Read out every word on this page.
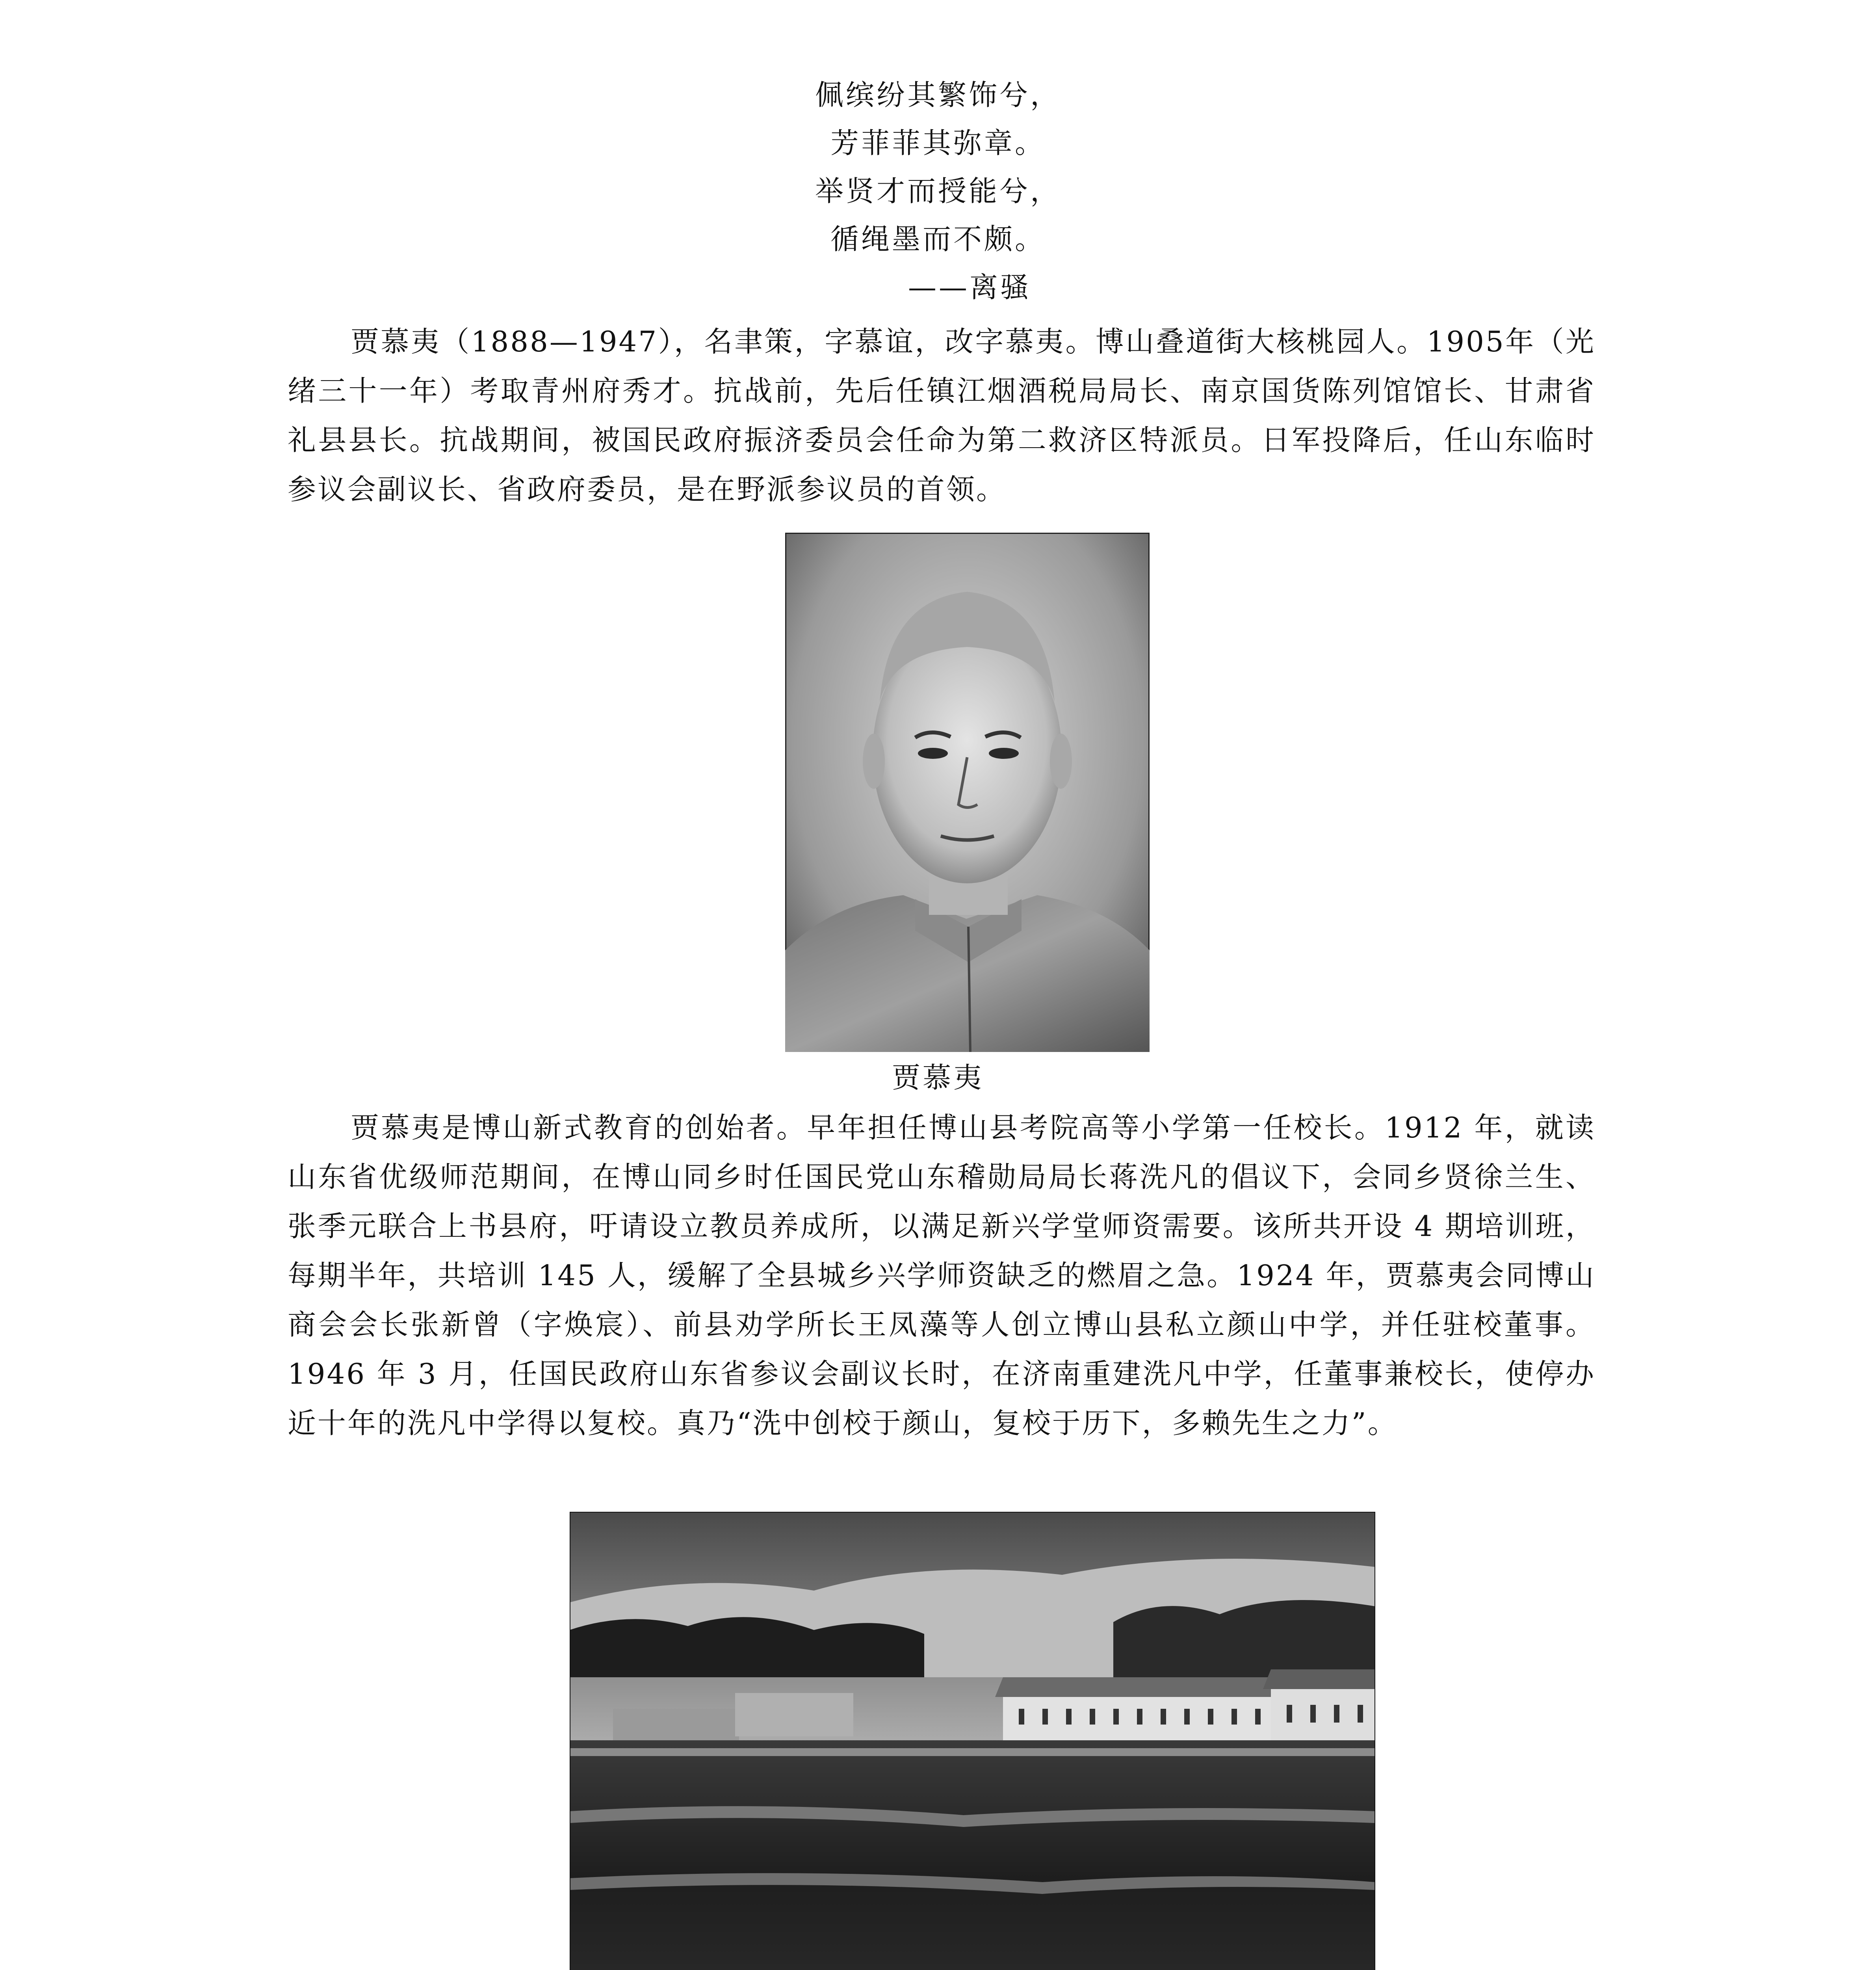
佩缤纷其繁饰兮，
芳菲菲其弥章。
举贤才而授能兮，
循绳墨而不颇。
——离骚

贾慕夷（1888—1947），名聿策，字慕谊，改字慕夷。博山叠道街大核桃园人。1905年（光绪三十一年）考取青州府秀才。抗战前，先后任镇江烟酒税局局长、南京国货陈列馆馆长、甘肃省礼县县长。抗战期间，被国民政府振济委员会任命为第二救济区特派员。日军投降后，任山东临时参议会副议长、省政府委员，是在野派参议员的首领。

贾慕夷

贾慕夷是博山新式教育的创始者。早年担任博山县考院高等小学第一任校长。1912 年，就读山东省优级师范期间，在博山同乡时任国民党山东稽勋局局长蒋洗凡的倡议下，会同乡贤徐兰生、张季元联合上书县府，吁请设立教员养成所，以满足新兴学堂师资需要。该所共开设 4 期培训班，每期半年，共培训 145 人，缓解了全县城乡兴学师资缺乏的燃眉之急。1924 年，贾慕夷会同博山商会会长张新曾（字焕宸）、前县劝学所长王凤藻等人创立博山县私立颜山中学，并任驻校董事。1946 年 3 月，任国民政府山东省参议会副议长时，在济南重建洗凡中学，任董事兼校长，使停办近十年的洗凡中学得以复校。真乃“洗中创校于颜山，复校于历下，多赖先生之力”。
